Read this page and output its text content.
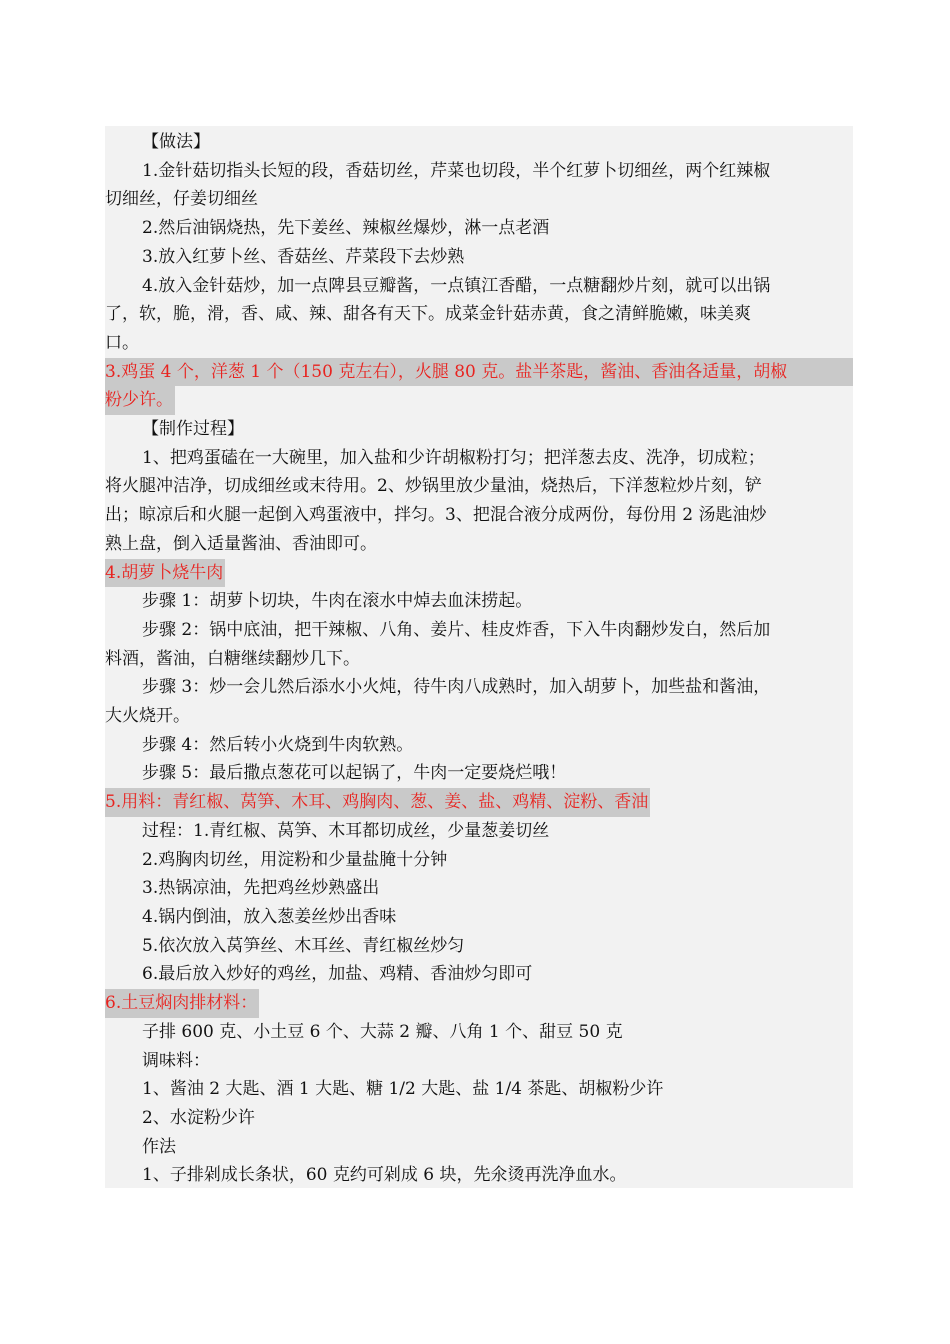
【做法】
1.金针菇切指头长短的段，香菇切丝，芹菜也切段，半个红萝卜切细丝，两个红辣椒
切细丝，仔姜切细丝
2.然后油锅烧热，先下姜丝、辣椒丝爆炒，淋一点老酒
3.放入红萝卜丝、香菇丝、芹菜段下去炒熟
4.放入金针菇炒，加一点陴县豆瓣酱，一点镇江香醋，一点糖翻炒片刻，就可以出锅
了，软，脆，滑，香、咸、辣、甜各有天下。成菜金针菇赤黄，食之清鲜脆嫩，味美爽
口。
3.鸡蛋 4 个，洋葱 1 个（150 克左右），火腿 80 克。盐半茶匙，酱油、香油各适量，胡椒
粉少许。
【制作过程】
1、把鸡蛋磕在一大碗里，加入盐和少许胡椒粉打匀；把洋葱去皮、洗净，切成粒；
将火腿冲洁净，切成细丝或末待用。2、炒锅里放少量油，烧热后，下洋葱粒炒片刻，铲
出；晾凉后和火腿一起倒入鸡蛋液中，拌匀。3、把混合液分成两份，每份用 2 汤匙油炒
熟上盘，倒入适量酱油、香油即可。
4.胡萝卜烧牛肉
步骤 1：胡萝卜切块，牛肉在滚水中焯去血沫捞起。
步骤 2：锅中底油，把干辣椒、八角、姜片、桂皮炸香，下入牛肉翻炒发白，然后加
料酒，酱油，白糖继续翻炒几下。
步骤 3：炒一会儿然后添水小火炖，待牛肉八成熟时，加入胡萝卜，加些盐和酱油，
大火烧开。
步骤 4：然后转小火烧到牛肉软熟。
步骤 5：最后撒点葱花可以起锅了，牛肉一定要烧烂哦！
5.用料：青红椒、莴笋、木耳、鸡胸肉、葱、姜、盐、鸡精、淀粉、香油
过程：1.青红椒、莴笋、木耳都切成丝，少量葱姜切丝
2.鸡胸肉切丝，用淀粉和少量盐腌十分钟
3.热锅凉油，先把鸡丝炒熟盛出
4.锅内倒油，放入葱姜丝炒出香味
5.依次放入莴笋丝、木耳丝、青红椒丝炒匀
6.最后放入炒好的鸡丝，加盐、鸡精、香油炒匀即可
6.土豆焖肉排材料：
子排 600 克、小土豆 6 个、大蒜 2 瓣、八角 1 个、甜豆 50 克
调味料：
1、酱油 2 大匙、酒 1 大匙、糖 1/2 大匙、盐 1/4 茶匙、胡椒粉少许
2、水淀粉少许
作法
1、子排剁成长条状，60 克约可剁成 6 块，先氽烫再洗净血水。
